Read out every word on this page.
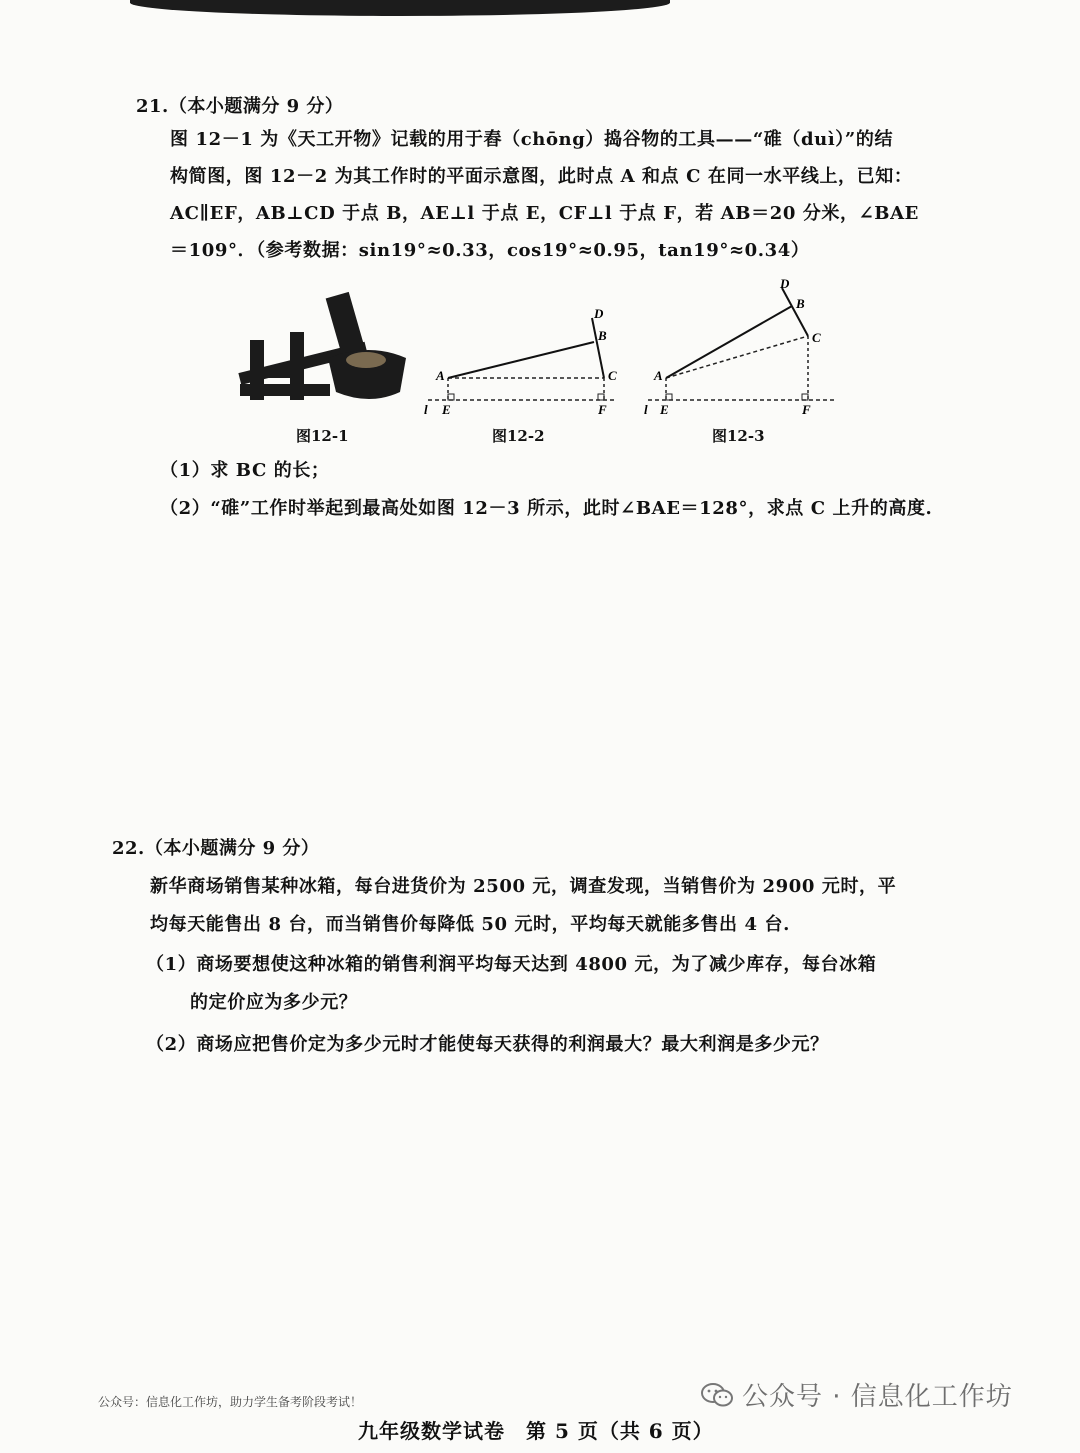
21.（本小题满分 9 分）
图 12－1 为《天工开物》记载的用于舂（chōng）捣谷物的工具——“碓（duì）”的结
构简图，图 12－2 为其工作时的平面示意图，此时点 A 和点 C 在同一水平线上，已知：
AC∥EF，AB⊥CD 于点 B，AE⊥l 于点 E，CF⊥l 于点 F，若 AB＝20 分米，∠BAE
＝109°．（参考数据：sin19°≈0.33，cos19°≈0.95，tan19°≈0.34）
图12-1
D
B
C
A
l E	F
图12-2
D
B
C
A
l E	F
图12-3
（1）求 BC 的长；
（2）“碓”工作时举起到最高处如图 12－3 所示，此时∠BAE＝128°，求点 C 上升的高度.
22.（本小题满分 9 分）
新华商场销售某种冰箱，每台进货价为 2500 元，调查发现，当销售价为 2900 元时，平
均每天能售出 8 台，而当销售价每降低 50 元时，平均每天就能多售出 4 台.
（1）商场要想使这种冰箱的销售利润平均每天达到 4800 元，为了减少库存，每台冰箱
的定价应为多少元？
（2）商场应把售价定为多少元时才能使每天获得的利润最大？最大利润是多少元？
公众号：信息化工作坊，助力学生备考阶段考试！
九年级数学试卷　第 5 页（共 6 页）
公众号 · 信息化工作坊
